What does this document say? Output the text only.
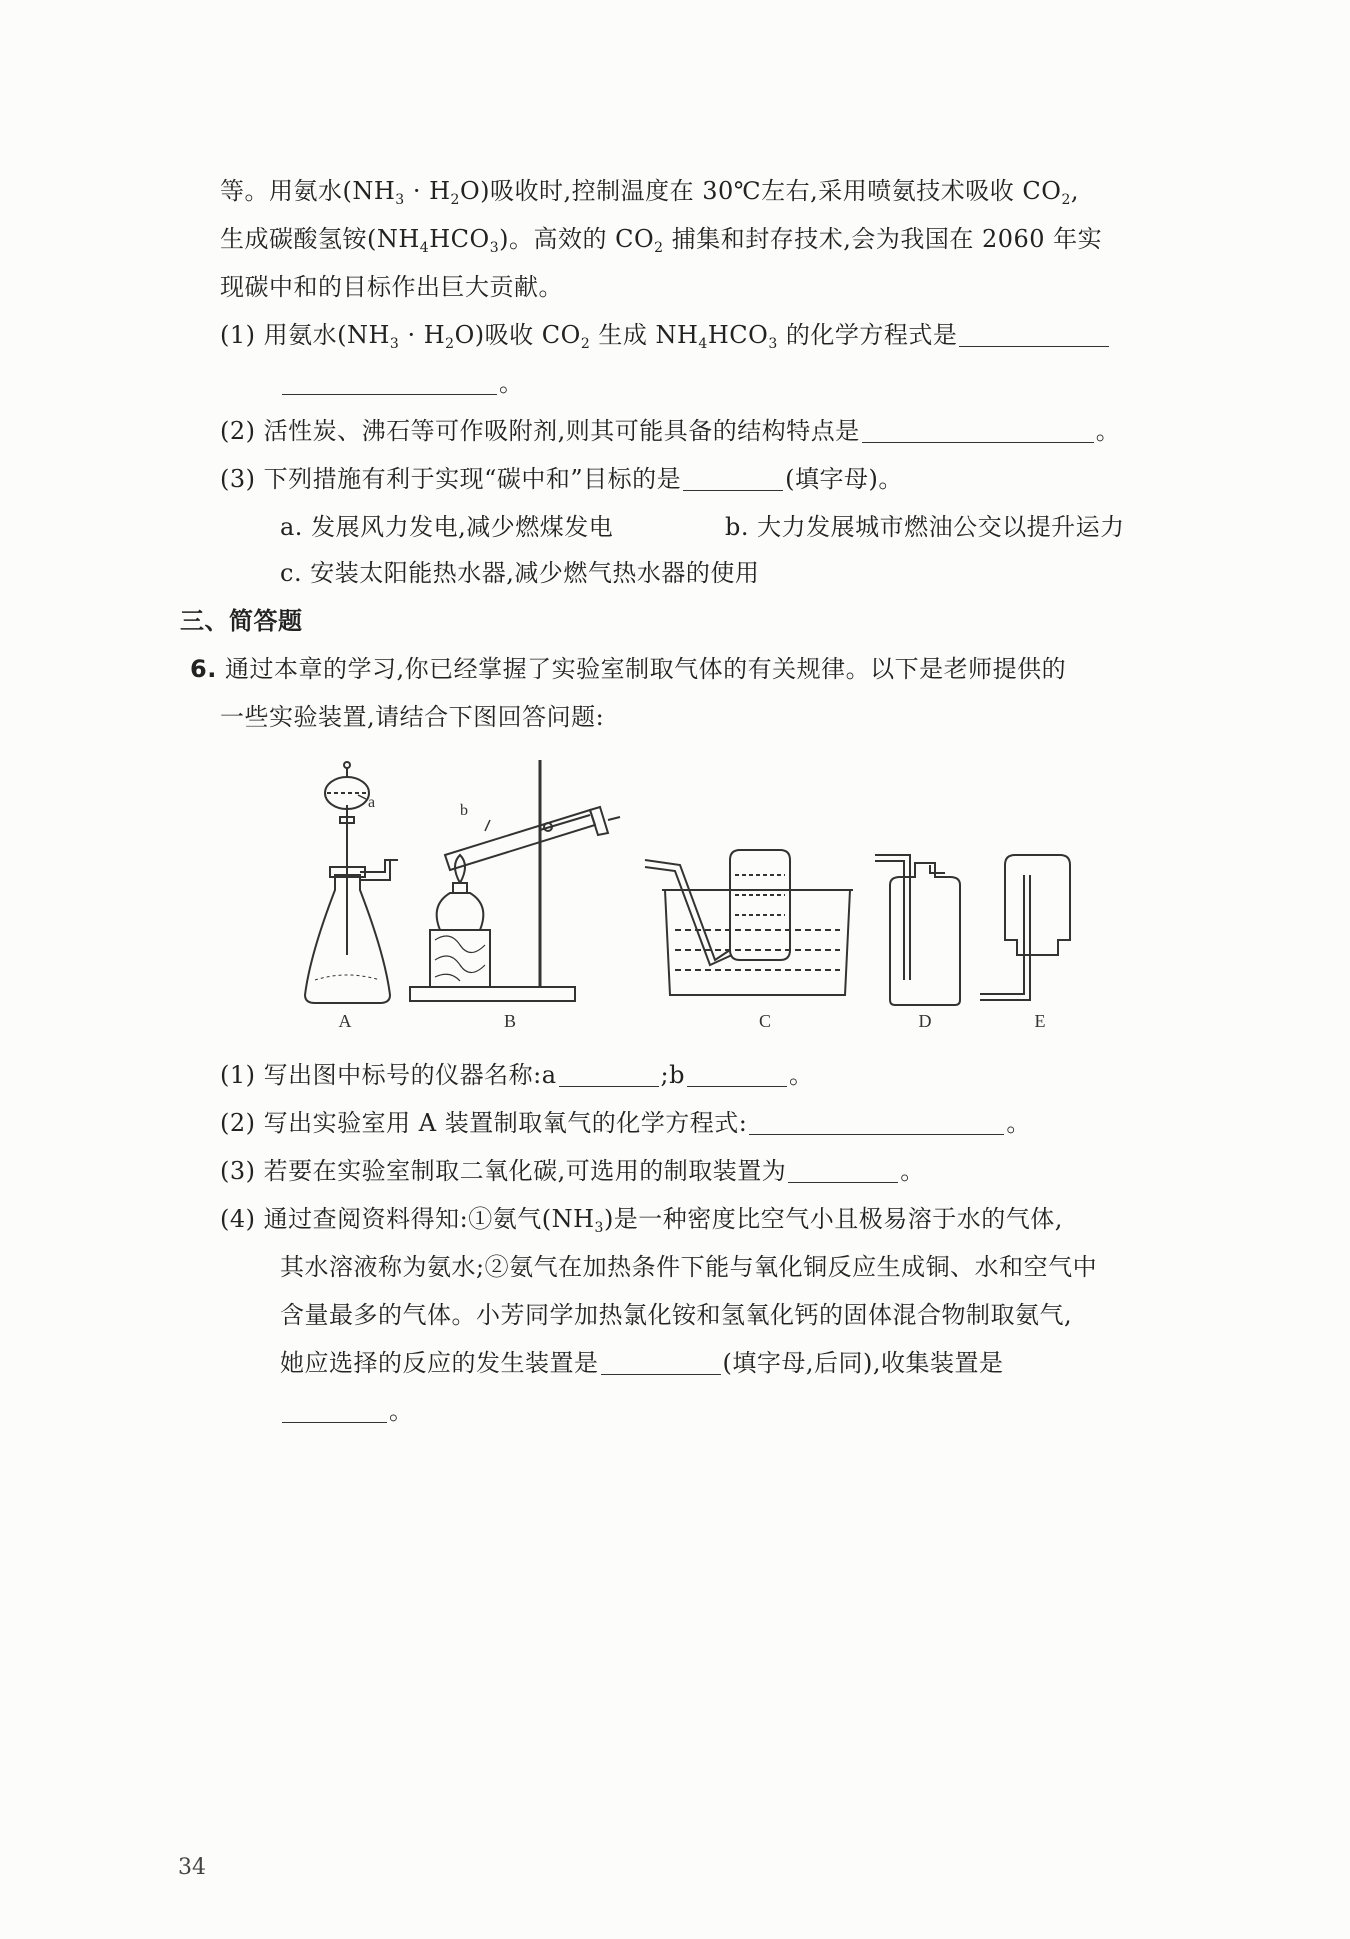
等。用氨水$(NH_3 \cdot H_2O)$吸收时,控制温度在 30℃左右,采用喷氨技术吸收 $CO_2$,
生成碳酸氢铵$(NH_4HCO_3)$。高效的 $CO_2$ 捕集和封存技术,会为我国在 2060 年实
现碳中和的目标作出巨大贡献。
(1) 用氨水$(NH_3 \cdot H_2O)$吸收 $CO_2$ 生成 $NH_4HCO_3$ 的化学方程式是
。
(2) 活性炭、沸石等可作吸附剂,则其可能具备的结构特点是	。
(3) 下列措施有利于实现“碳中和”目标的是	(填字母)。
a. 发展风力发电,减少燃煤发电	b. 大力发展城市燃油公交以提升运力
c. 安装太阳能热水器,减少燃气热水器的使用
三、简答题
6. 通过本章的学习,你已经掌握了实验室制取气体的有关规律。以下是老师提供的
一些实验装置,请结合下图回答问题:
a	b
A	B	C	D	E
(1) 写出图中标号的仪器名称:a	;b	。
(2) 写出实验室用 A 装置制取氧气的化学方程式:	。
(3) 若要在实验室制取二氧化碳,可选用的制取装置为	。
(4) 通过查阅资料得知:①氨气$(NH_3)$是一种密度比空气小且极易溶于水的气体,
其水溶液称为氨水;②氨气在加热条件下能与氧化铜反应生成铜、水和空气中
含量最多的气体。小芳同学加热氯化铵和氢氧化钙的固体混合物制取氨气,
她应选择的反应的发生装置是	(填字母,后同),收集装置是
。
34
